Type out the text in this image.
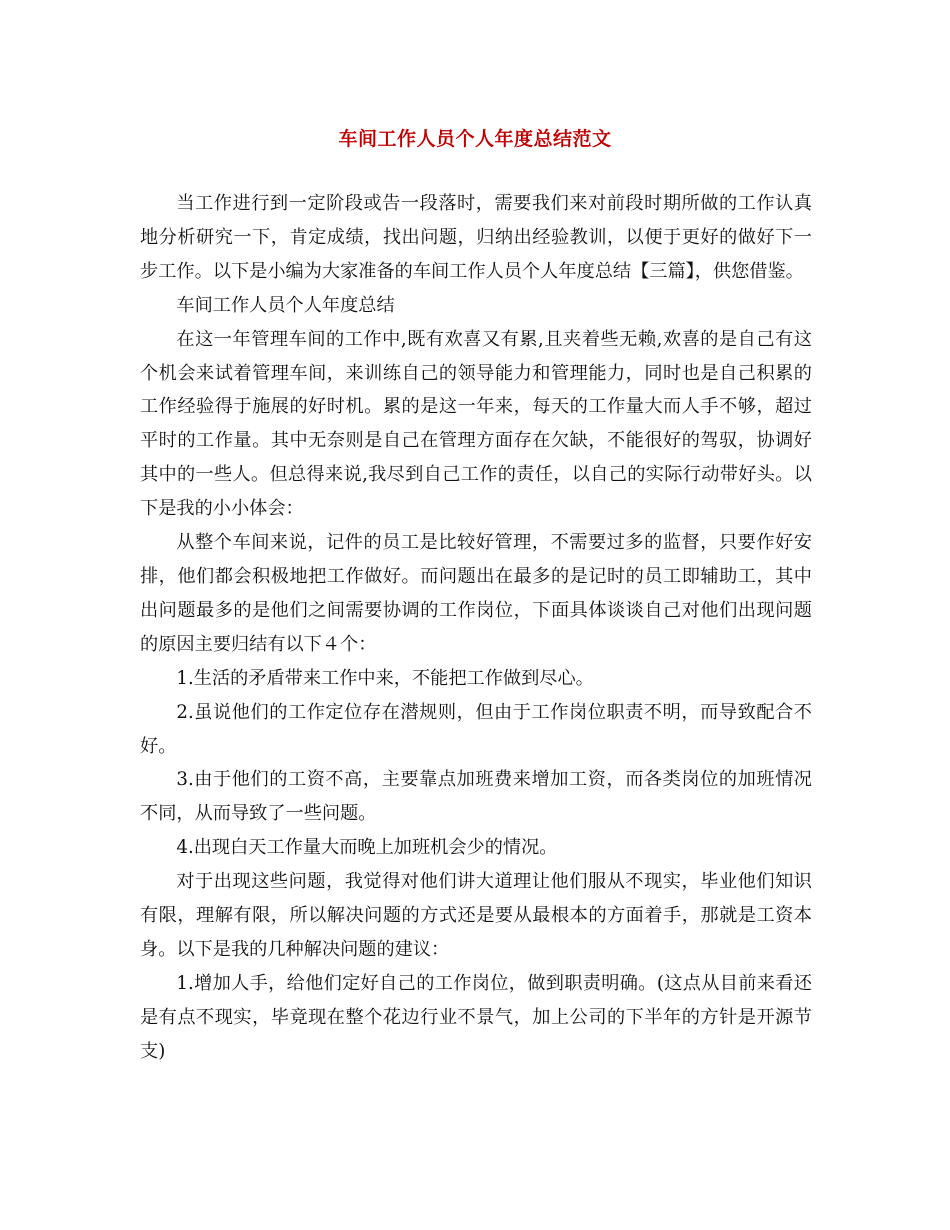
车间工作人员个人年度总结范文

当工作进行到一定阶段或告一段落时，需要我们来对前段时期所做的工作认真地分析研究一下，肯定成绩，找出问题，归纳出经验教训，以便于更好的做好下一步工作。以下是小编为大家准备的车间工作人员个人年度总结【三篇】，供您借鉴。

车间工作人员个人年度总结

在这一年管理车间的工作中,既有欢喜又有累,且夹着些无赖,欢喜的是自己有这个机会来试着管理车间，来训练自己的领导能力和管理能力，同时也是自己积累的工作经验得于施展的好时机。累的是这一年来，每天的工作量大而人手不够，超过平时的工作量。其中无奈则是自己在管理方面存在欠缺，不能很好的驾驭，协调好其中的一些人。但总得来说,我尽到自己工作的责任，以自己的实际行动带好头。以下是我的小小体会：

从整个车间来说，记件的员工是比较好管理，不需要过多的监督，只要作好安排，他们都会积极地把工作做好。而问题出在最多的是记时的员工即辅助工，其中出问题最多的是他们之间需要协调的工作岗位，下面具体谈谈自己对他们出现问题的原因主要归结有以下４个：

1.生活的矛盾带来工作中来，不能把工作做到尽心。

2.虽说他们的工作定位存在潜规则，但由于工作岗位职责不明，而导致配合不好。

3.由于他们的工资不高，主要靠点加班费来增加工资，而各类岗位的加班情况不同，从而导致了一些问题。

4.出现白天工作量大而晚上加班机会少的情况。

对于出现这些问题，我觉得对他们讲大道理让他们服从不现实，毕业他们知识有限，理解有限，所以解决问题的方式还是要从最根本的方面着手，那就是工资本身。以下是我的几种解决问题的建议：

1.增加人手，给他们定好自己的工作岗位，做到职责明确。(这点从目前来看还是有点不现实，毕竟现在整个花边行业不景气，加上公司的下半年的方针是开源节支)
